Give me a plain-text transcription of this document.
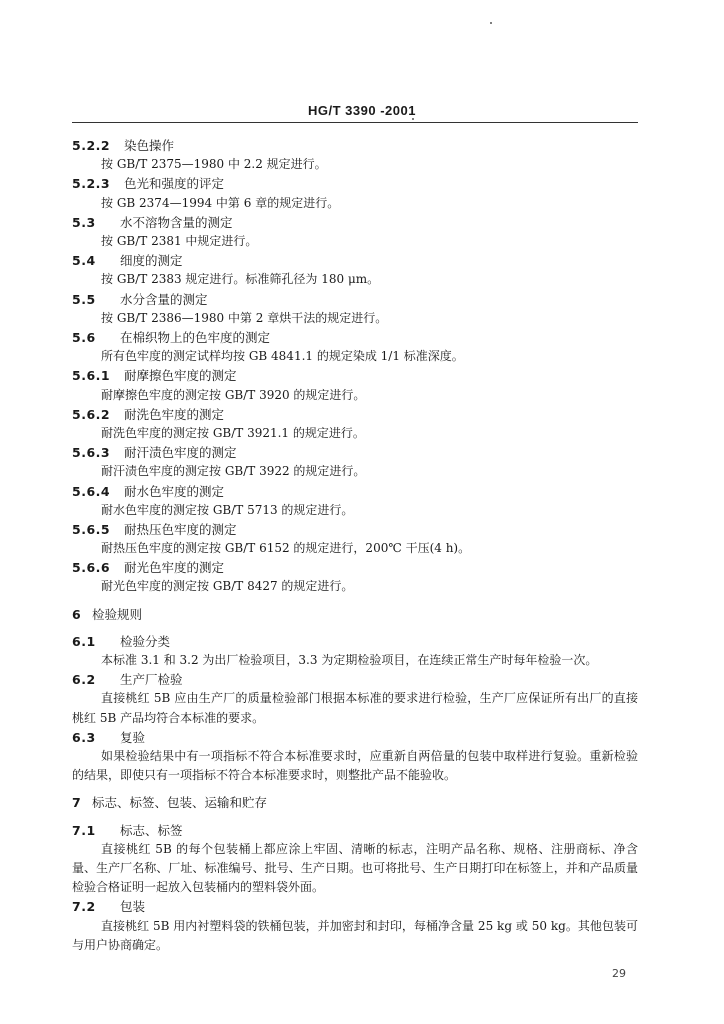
HG/T 3390 -2001
5.2.2 染色操作
按 GB/T 2375—1980 中 2.2 规定进行。
5.2.3 色光和强度的评定
按 GB 2374—1994 中第 6 章的规定进行。
5.3 水不溶物含量的测定
按 GB/T 2381 中规定进行。
5.4 细度的测定
按 GB/T 2383 规定进行。标准筛孔径为 180 μm。
5.5 水分含量的测定
按 GB/T 2386—1980 中第 2 章烘干法的规定进行。
5.6 在棉织物上的色牢度的测定
所有色牢度的测定试样均按 GB 4841.1 的规定染成 1/1 标准深度。
5.6.1 耐摩擦色牢度的测定
耐摩擦色牢度的测定按 GB/T 3920 的规定进行。
5.6.2 耐洗色牢度的测定
耐洗色牢度的测定按 GB/T 3921.1 的规定进行。
5.6.3 耐汗渍色牢度的测定
耐汗渍色牢度的测定按 GB/T 3922 的规定进行。
5.6.4 耐水色牢度的测定
耐水色牢度的测定按 GB/T 5713 的规定进行。
5.6.5 耐热压色牢度的测定
耐热压色牢度的测定按 GB/T 6152 的规定进行，200℃ 干压(4 h)。
5.6.6 耐光色牢度的测定
耐光色牢度的测定按 GB/T 8427 的规定进行。
6 检验规则
6.1 检验分类
本标准 3.1 和 3.2 为出厂检验项目，3.3 为定期检验项目，在连续正常生产时每年检验一次。
6.2 生产厂检验
直接桃红 5B 应由生产厂的质量检验部门根据本标准的要求进行检验，生产厂应保证所有出厂的直接桃红 5B 产品均符合本标准的要求。
6.3 复验
如果检验结果中有一项指标不符合本标准要求时，应重新自两倍量的包装中取样进行复验。重新检验的结果，即使只有一项指标不符合本标准要求时，则整批产品不能验收。
7 标志、标签、包装、运输和贮存
7.1 标志、标签
直接桃红 5B 的每个包装桶上都应涂上牢固、清晰的标志，注明产品名称、规格、注册商标、净含量、生产厂名称、厂址、标准编号、批号、生产日期。也可将批号、生产日期打印在标签上，并和产品质量检验合格证明一起放入包装桶内的塑料袋外面。
7.2 包装
直接桃红 5B 用内衬塑料袋的铁桶包装，并加密封和封印，每桶净含量 25 kg 或 50 kg。其他包装可与用户协商确定。
29
